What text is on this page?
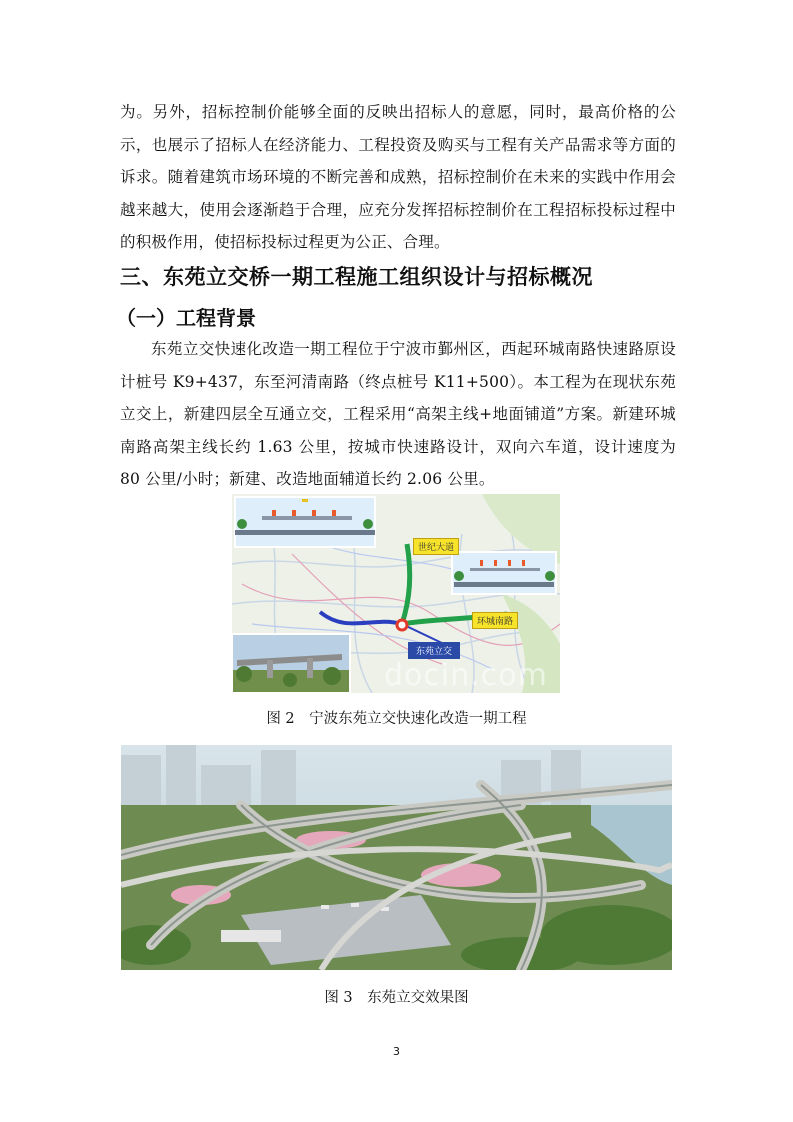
为。另外，招标控制价能够全面的反映出招标人的意愿，同时，最高价格的公示，也展示了招标人在经济能力、工程投资及购买与工程有关产品需求等方面的诉求。随着建筑市场环境的不断完善和成熟，招标控制价在未来的实践中作用会越来越大，使用会逐渐趋于合理，应充分发挥招标控制价在工程招标投标过程中的积极作用，使招标投标过程更为公正、合理。

三、东苑立交桥一期工程施工组织设计与招标概况
（一）工程背景

东苑立交快速化改造一期工程位于宁波市鄞州区，西起环城南路快速路原设计桩号 K9+437，东至河清南路（终点桩号 K11+500）。本工程为在现状东苑立交上，新建四层全互通立交，工程采用“高架主线+地面铺道”方案。新建环城南路高架主线长约 1.63 公里，按城市快速路设计，双向六车道，设计速度为 80 公里/小时；新建、改造地面辅道长约 2.06 公里。

世纪大道
环城南路
东苑立交
docin.com

图 2　宁波东苑立交快速化改造一期工程

图 3　东苑立交效果图

3
